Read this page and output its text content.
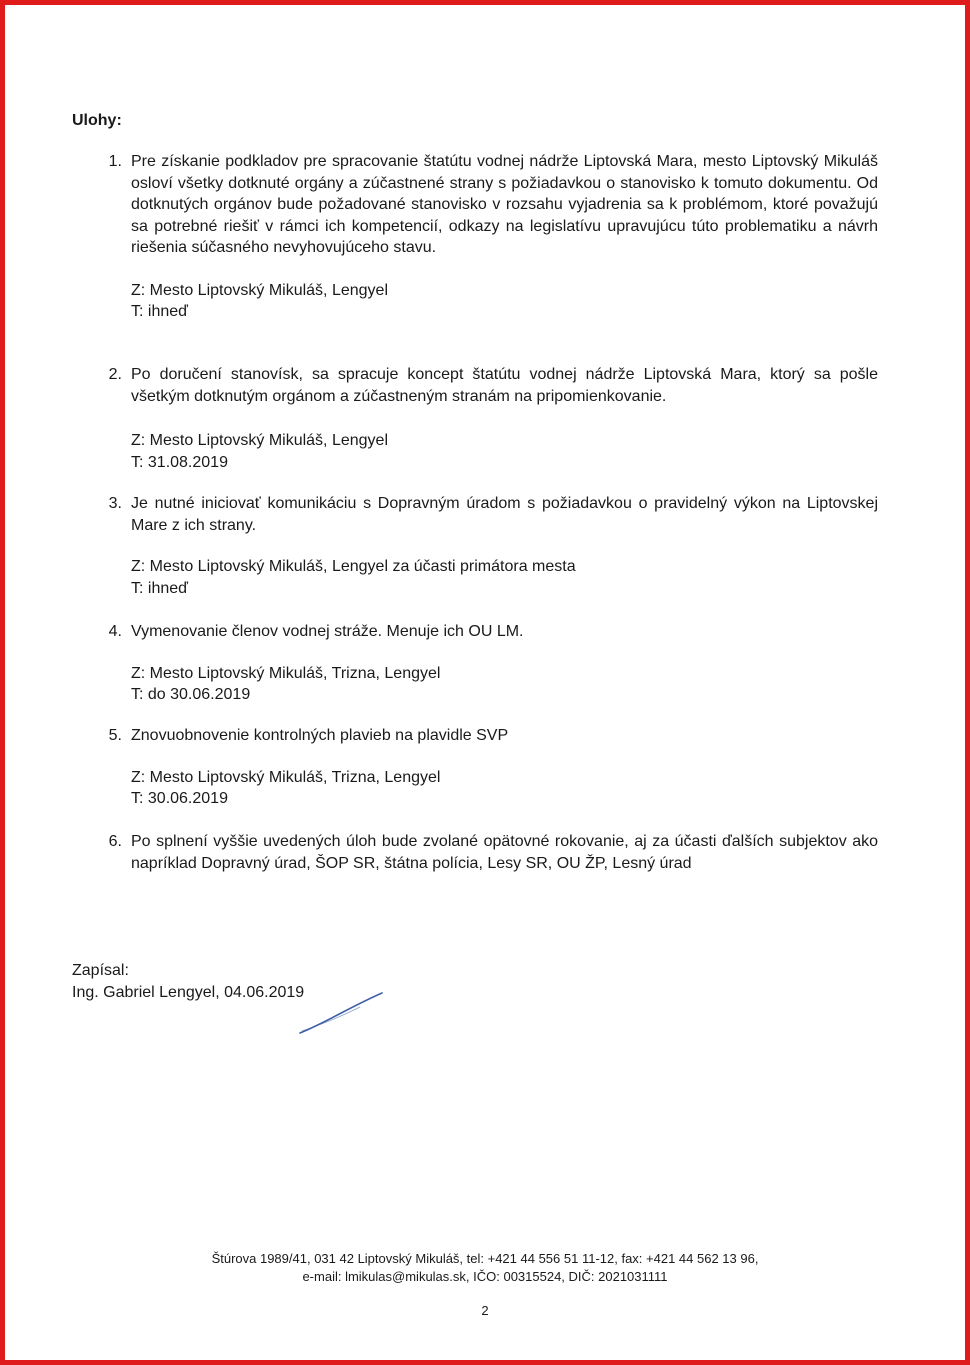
Ulohy:
1. Pre získanie podkladov pre spracovanie štatútu vodnej nádrže Liptovská Mara, mesto Liptovský Mikuláš osloví všetky dotknuté orgány a zúčastnené strany s požiadavkou o stanovisko k tomuto dokumentu. Od dotknutých orgánov bude požadované stanovisko v rozsahu vyjadrenia sa k problémom, ktoré považujú sa potrebné riešiť v rámci ich kompetencií, odkazy na legislatívu upravujúcu túto problematiku a návrh riešenia súčasného nevyhovujúceho stavu.
Z: Mesto Liptovský Mikuláš, Lengyel
T: ihneď
2. Po doručení stanovísk, sa spracuje koncept štatútu vodnej nádrže Liptovská Mara, ktorý sa pošle všetkým dotknutým orgánom a zúčastneným stranám na pripomienkovanie.
Z: Mesto Liptovský Mikuláš, Lengyel
T: 31.08.2019
3. Je nutné iniciovať komunikáciu s Dopravným úradom s požiadavkou o pravidelný výkon na Liptovskej Mare z ich strany.
Z: Mesto Liptovský Mikuláš, Lengyel za účasti primátora mesta
T: ihneď
4. Vymenovanie členov vodnej stráže. Menuje ich OU LM.
Z: Mesto Liptovský Mikuláš, Trizna, Lengyel
T: do 30.06.2019
5. Znovuobnovenie kontrolných plavieb na plavidle SVP
Z: Mesto Liptovský Mikuláš, Trizna, Lengyel
T: 30.06.2019
6. Po splnení vyššie uvedených úloh bude zvolané opätovné rokovanie, aj za účasti ďalších subjektov ako napríklad Dopravný úrad, ŠOP SR, štátna polícia, Lesy SR, OU ŽP, Lesný úrad
Zapísal:
Ing. Gabriel Lengyel, 04.06.2019
Štúrova 1989/41, 031 42 Liptovský Mikuláš, tel: +421 44 556 51 11-12, fax: +421 44 562 13 96,
e-mail: lmikulas@mikulas.sk, IČO: 00315524, DIČ: 2021031111
2
